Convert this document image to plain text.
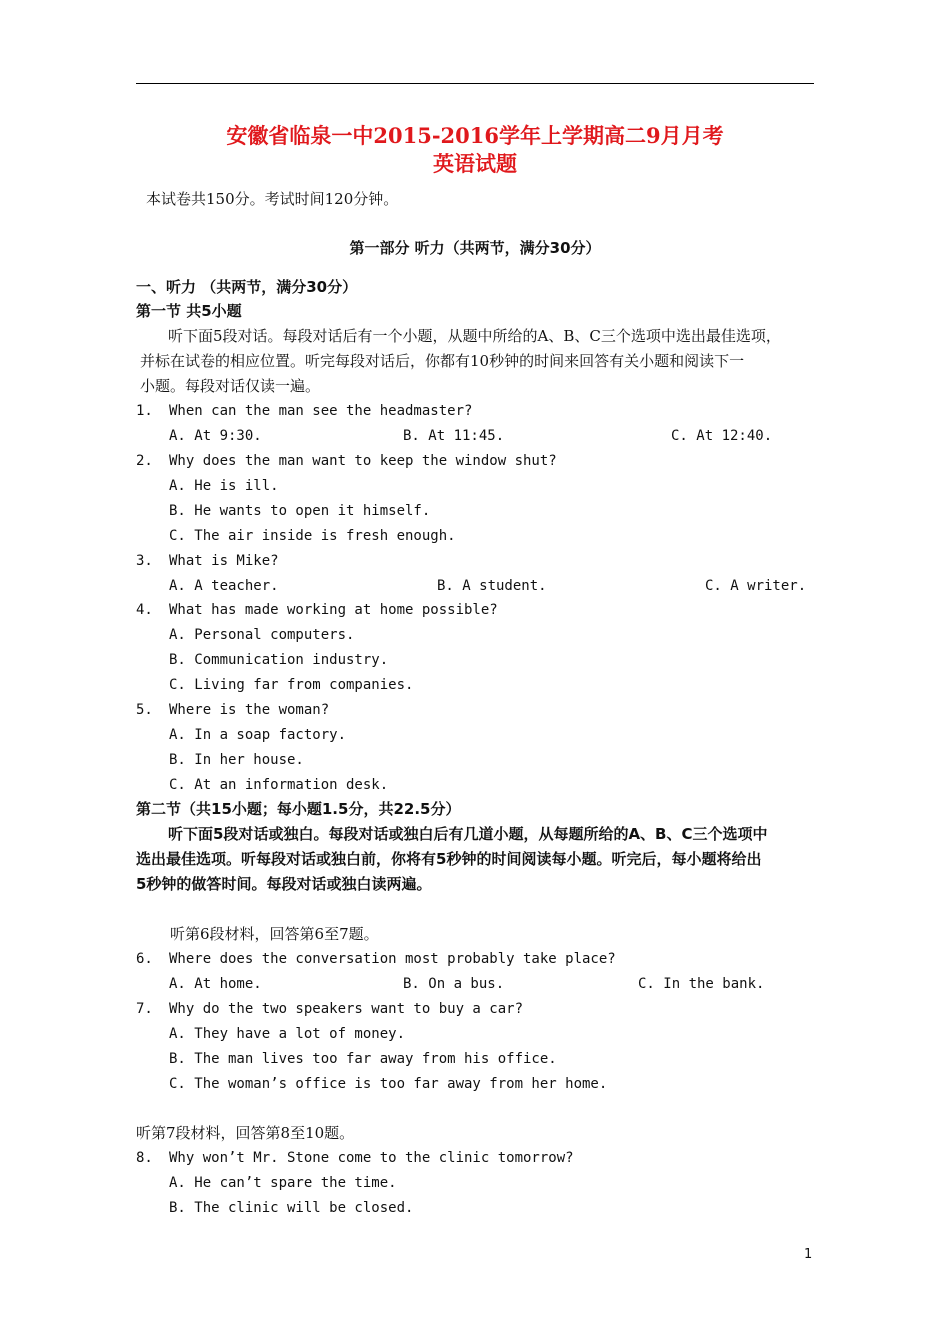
安徽省临泉一中2015-2016学年上学期高二9月月考
英语试题
本试卷共150分。考试时间120分钟。
第一部分 听力（共两节，满分30分）
一、听力 （共两节，满分30分）
第一节 共5小题
听下面5段对话。每段对话后有一个小题，从题中所给的A、B、C三个选项中选出最佳选项，
并标在试卷的相应位置。听完每段对话后，你都有10秒钟的时间来回答有关小题和阅读下一
小题。每段对话仅读一遍。
1. When can the man see the headmaster?
A. At 9:30.	B. At 11:45.	C. At 12:40.
2. Why does the man want to keep the window shut?
A. He is ill.
B. He wants to open it himself.
C. The air inside is fresh enough.
3. What is Mike?
A. A teacher.	B. A student.	C. A writer.
4. What has made working at home possible?
A. Personal computers.
B. Communication industry.
C. Living far from companies.
5. Where is the woman?
A. In a soap factory.
B. In her house.
C. At an information desk.
第二节（共15小题；每小题1.5分，共22.5分）
听下面5段对话或独白。每段对话或独白后有几道小题，从每题所给的A、B、C三个选项中
选出最佳选项。听每段对话或独白前，你将有5秒钟的时间阅读每小题。听完后，每小题将给出
5秒钟的做答时间。每段对话或独白读两遍。
听第6段材料，回答第6至7题。
6. Where does the conversation most probably take place?
A. At home.	B. On a bus.	C. In the bank.
7. Why do the two speakers want to buy a car?
A. They have a lot of money.
B. The man lives too far away from his office.
C. The woman’s office is too far away from her home.
听第7段材料，回答第8至10题。
8. Why won’t Mr. Stone come to the clinic tomorrow?
A. He can’t spare the time.
B. The clinic will be closed.
1
